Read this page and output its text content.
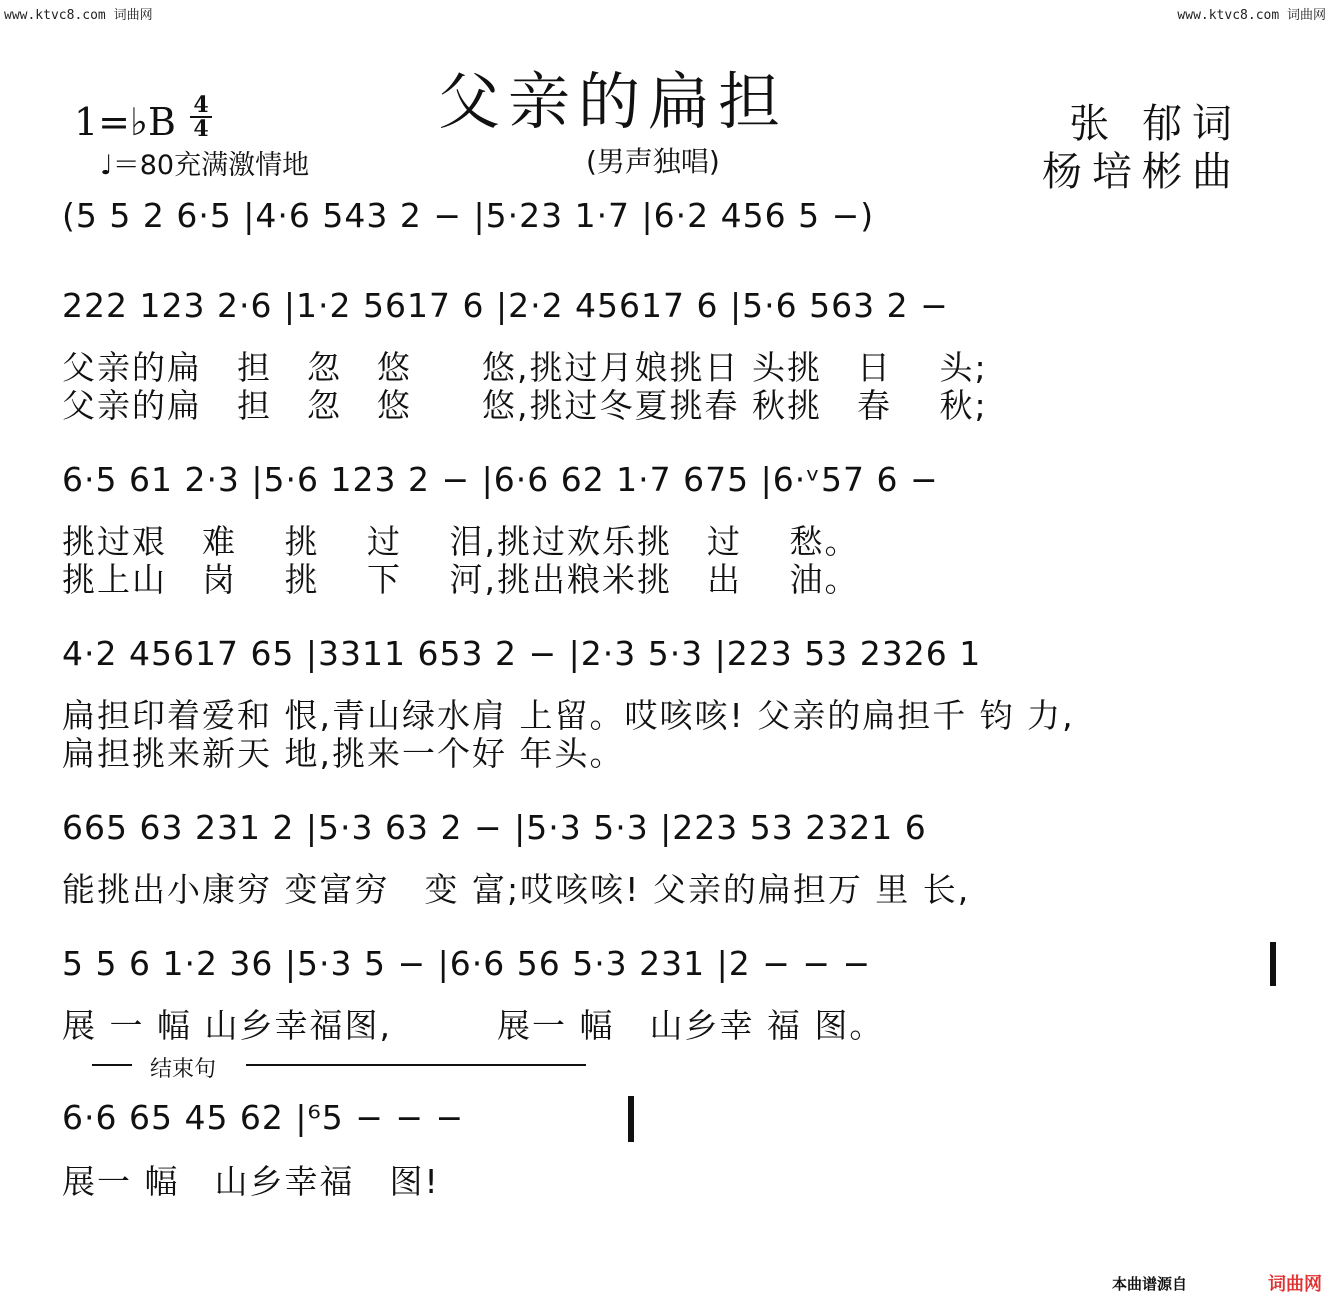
www.ktvc8.com 词曲网	www.ktvc8.com 词曲网
父亲的扁担
1=♭B 4
4
♩＝80充满激情地	(男声独唱)
张 郁词
杨培彬曲
(5 5 2 6·5 |4·6 543 2 − |5·23 1·7 |6·2 456 5 −)
222 123 2·6 |1·2 5617 6 |2·2 45617 6 |5·6 563 2 −
父亲的扁　担　忽　悠　　悠,挑过月娘挑日 头挑　日　 头;
父亲的扁　担　忽　悠　　悠,挑过冬夏挑春 秋挑　春　 秋;
6·5 61 2·3 |5·6 123 2 − |6·6 62 1·7 675 |6·ᵛ57 6 −
挑过艰　难　 挑　 过　 泪,挑过欢乐挑　过　 愁。
挑上山　岗　 挑　 下　 河,挑出粮米挑　出　 油。
4·2 45617 65 |3311 653 2 − |2·3 5·3 |223 53 2326 1
扁担印着爱和 恨,青山绿水肩 上留。哎咳咳! 父亲的扁担千 钧 力,
扁担挑来新天 地,挑来一个好 年头。
665 63 231 2 |5·3 63 2 − |5·3 5·3 |223 53 2321 6
能挑出小康穷 变富穷　变 富;哎咳咳! 父亲的扁担万 里 长,
5 5 6 1·2 36 |5·3 5 − |6·6 56 5·3 231 |2 − − −
展 一 幅 山乡幸福图,　　　展一 幅　山乡幸 福 图。
结束句
6·6 65 45 62 |⁶5 − − −
展一 幅　山乡幸福　图!
本曲谱源自	词曲网
